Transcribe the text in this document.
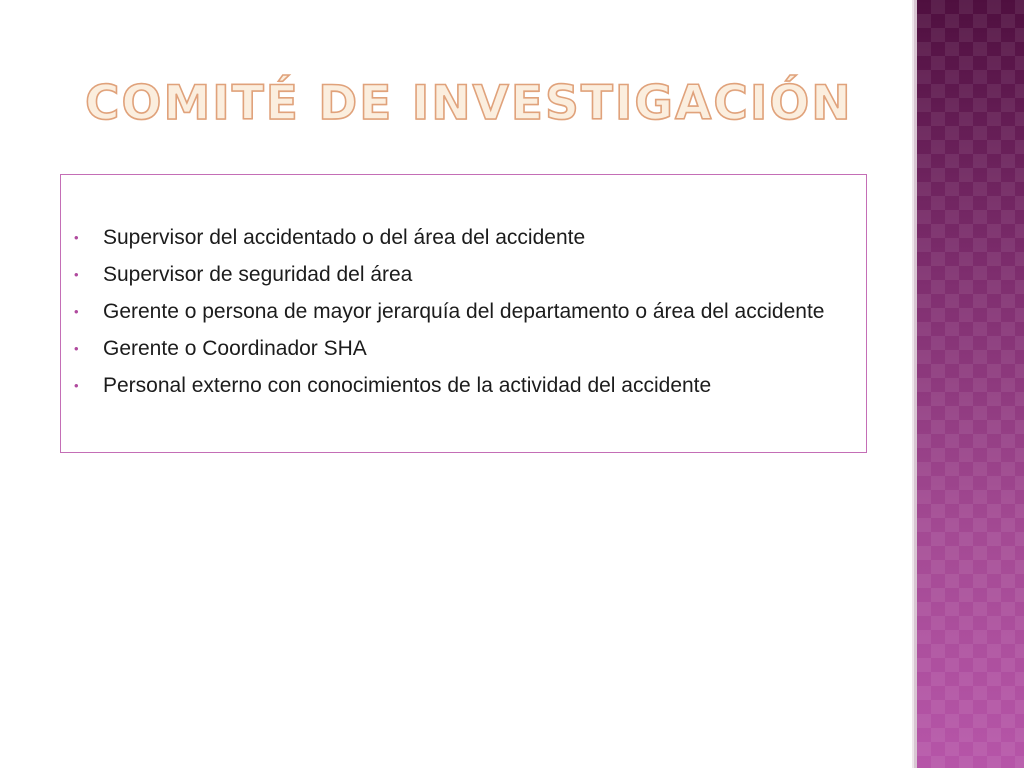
COMITÉ DE INVESTIGACIÓN
• Supervisor del accidentado o del área del accidente
• Supervisor de seguridad del área
• Gerente o persona de mayor jerarquía del departamento o área del accidente
• Gerente o Coordinador SHA
• Personal externo con conocimientos de la actividad del accidente
